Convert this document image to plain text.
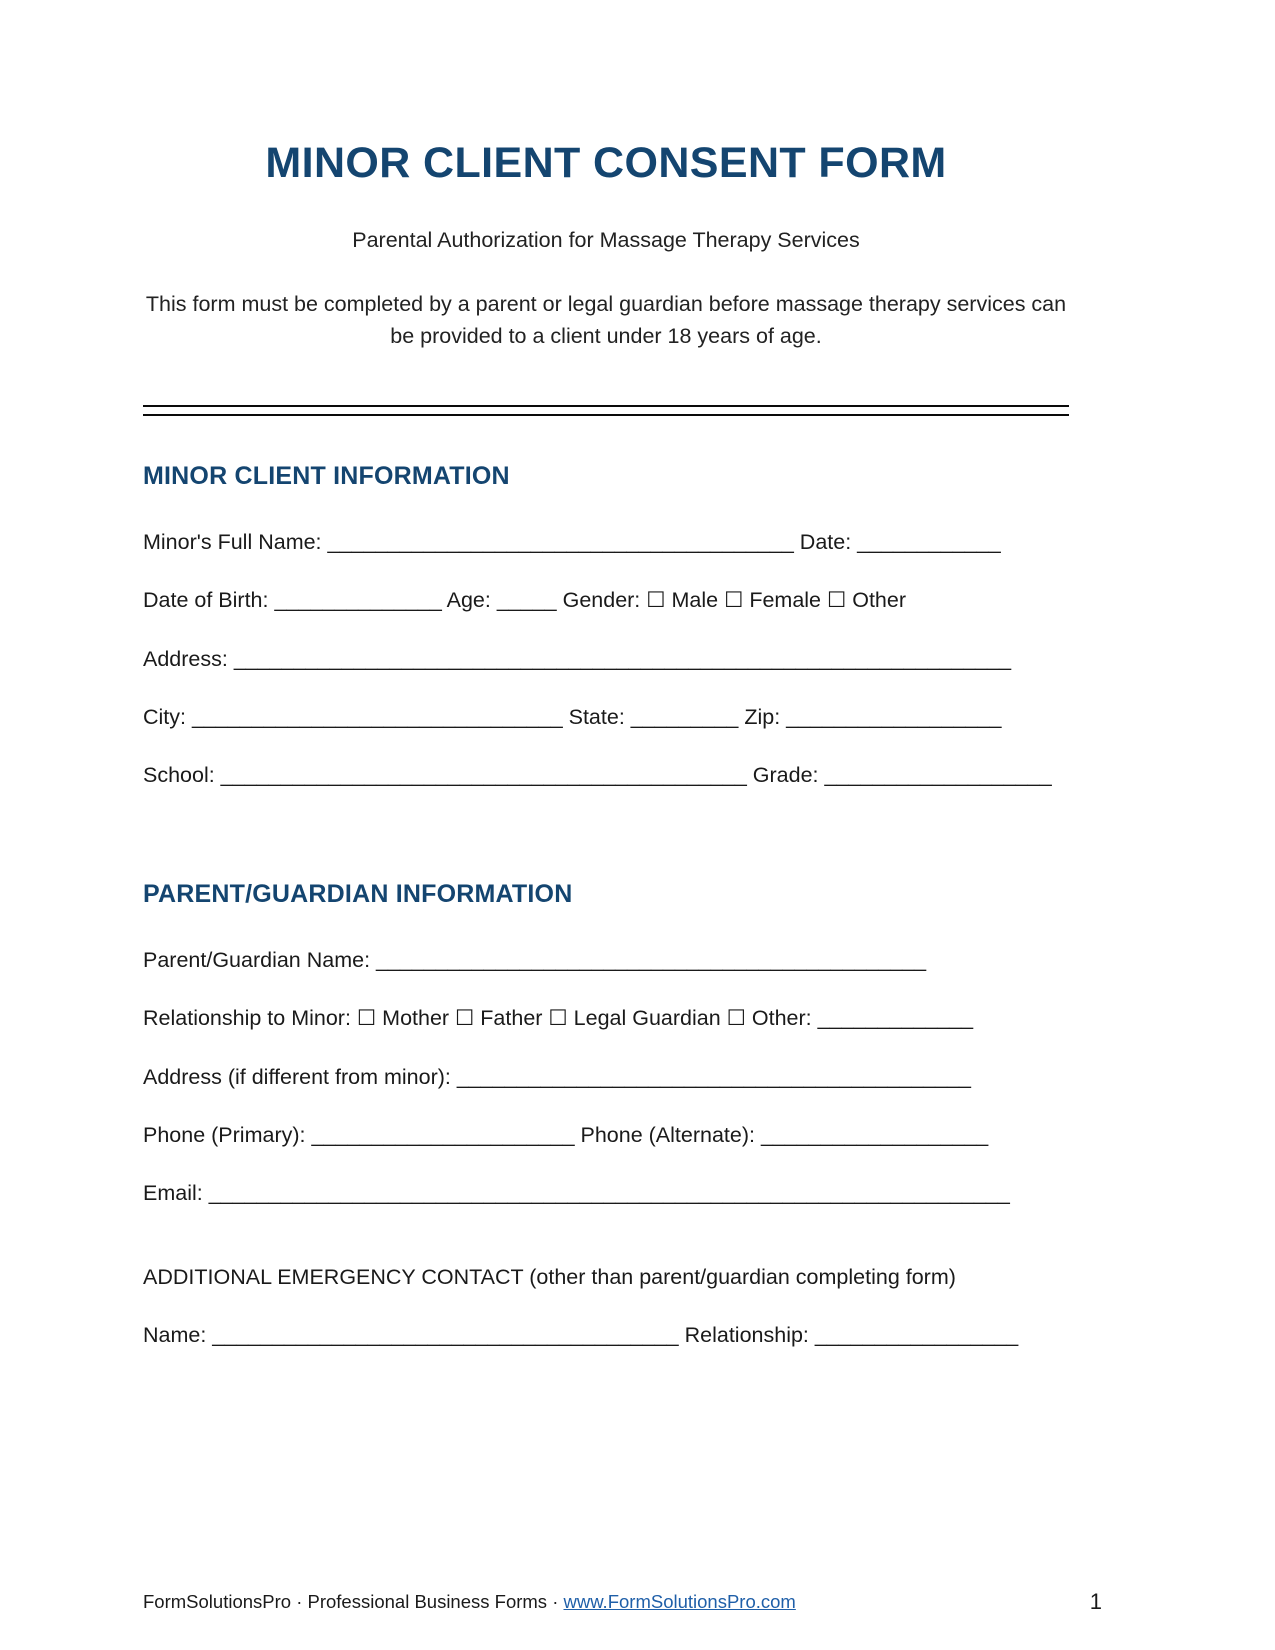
MINOR CLIENT CONSENT FORM

Parental Authorization for Massage Therapy Services

This form must be completed by a parent or legal guardian before massage therapy services can be provided to a client under 18 years of age.

MINOR CLIENT INFORMATION

Minor's Full Name: _______________________________________ Date: ____________

Date of Birth: ______________ Age: _____ Gender: ☐ Male ☐ Female ☐ Other

Address: _________________________________________________________________

City: _______________________________ State: _________ Zip: __________________

School: ____________________________________________ Grade: ___________________

PARENT/GUARDIAN INFORMATION

Parent/Guardian Name: ______________________________________________

Relationship to Minor: ☐ Mother ☐ Father ☐ Legal Guardian ☐ Other: _____________

Address (if different from minor): ___________________________________________

Phone (Primary): ______________________ Phone (Alternate): ___________________

Email: ___________________________________________________________________

ADDITIONAL EMERGENCY CONTACT (other than parent/guardian completing form)

Name: _______________________________________ Relationship: _________________

FormSolutionsPro · Professional Business Forms · www.FormSolutionsPro.com	1
